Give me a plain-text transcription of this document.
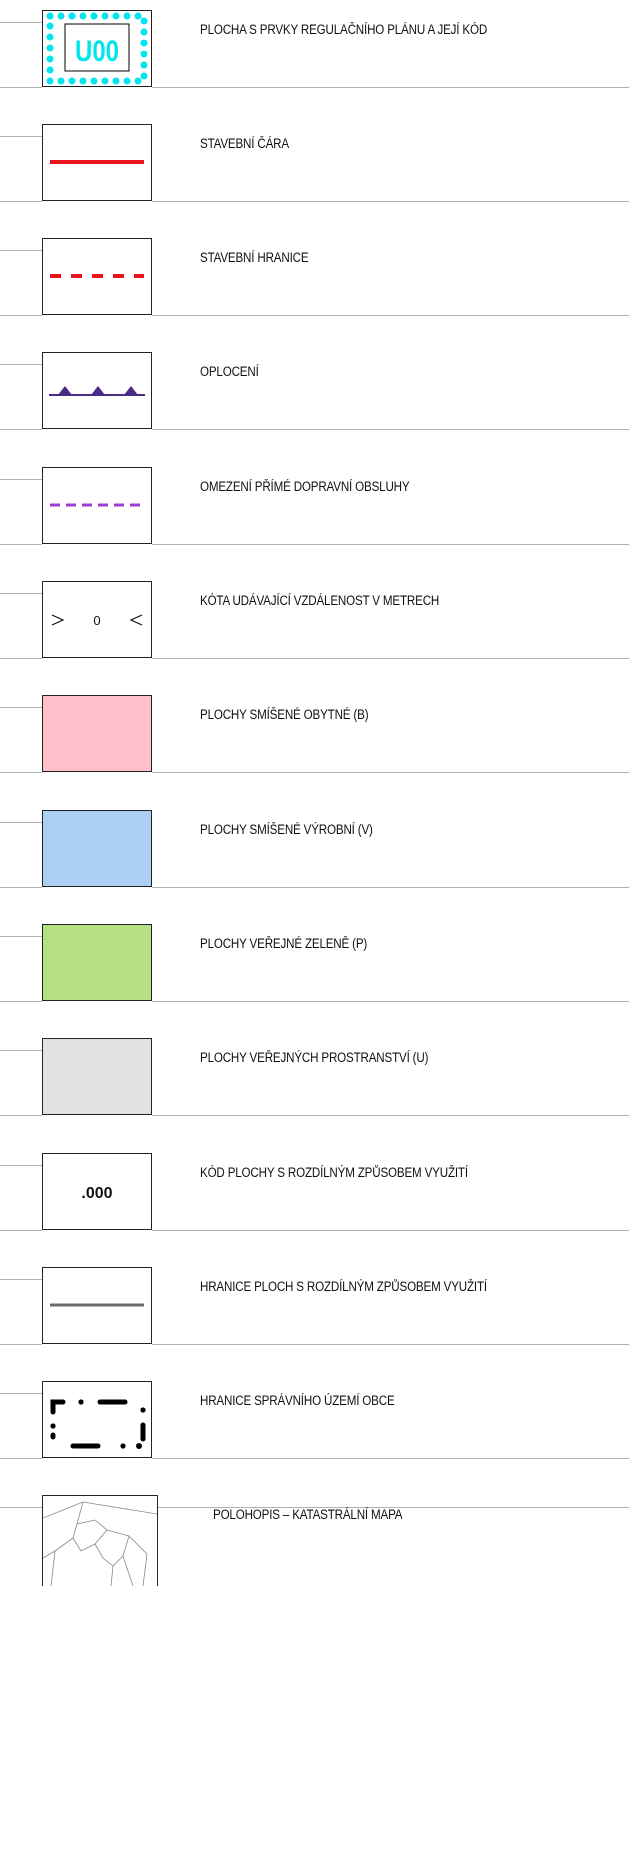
U00
PLOCHA S PRVKY REGULAČNÍHO PLÁNU A JEJÍ KÓD
STAVEBNÍ ČÁRA
STAVEBNÍ HRANICE
OPLOCENÍ
OMEZENÍ PŘÍMÉ DOPRAVNÍ OBSLUHY
0
KÓTA UDÁVAJÍCÍ VZDÁLENOST V METRECH
PLOCHY SMÍŠENÉ OBYTNÉ (B)
PLOCHY SMÍŠENÉ VÝROBNÍ (V)
PLOCHY VEŘEJNÉ ZELENĚ (P)
PLOCHY VEŘEJNÝCH PROSTRANSTVÍ (U)
.000
KÓD PLOCHY S ROZDÍLNÝM ZPŮSOBEM VYUŽITÍ
HRANICE PLOCH S ROZDÍLNÝM ZPŮSOBEM VYUŽITÍ
HRANICE SPRÁVNÍHO ÚZEMÍ OBCE
POLOHOPIS – KATASTRÁLNÍ MAPA
